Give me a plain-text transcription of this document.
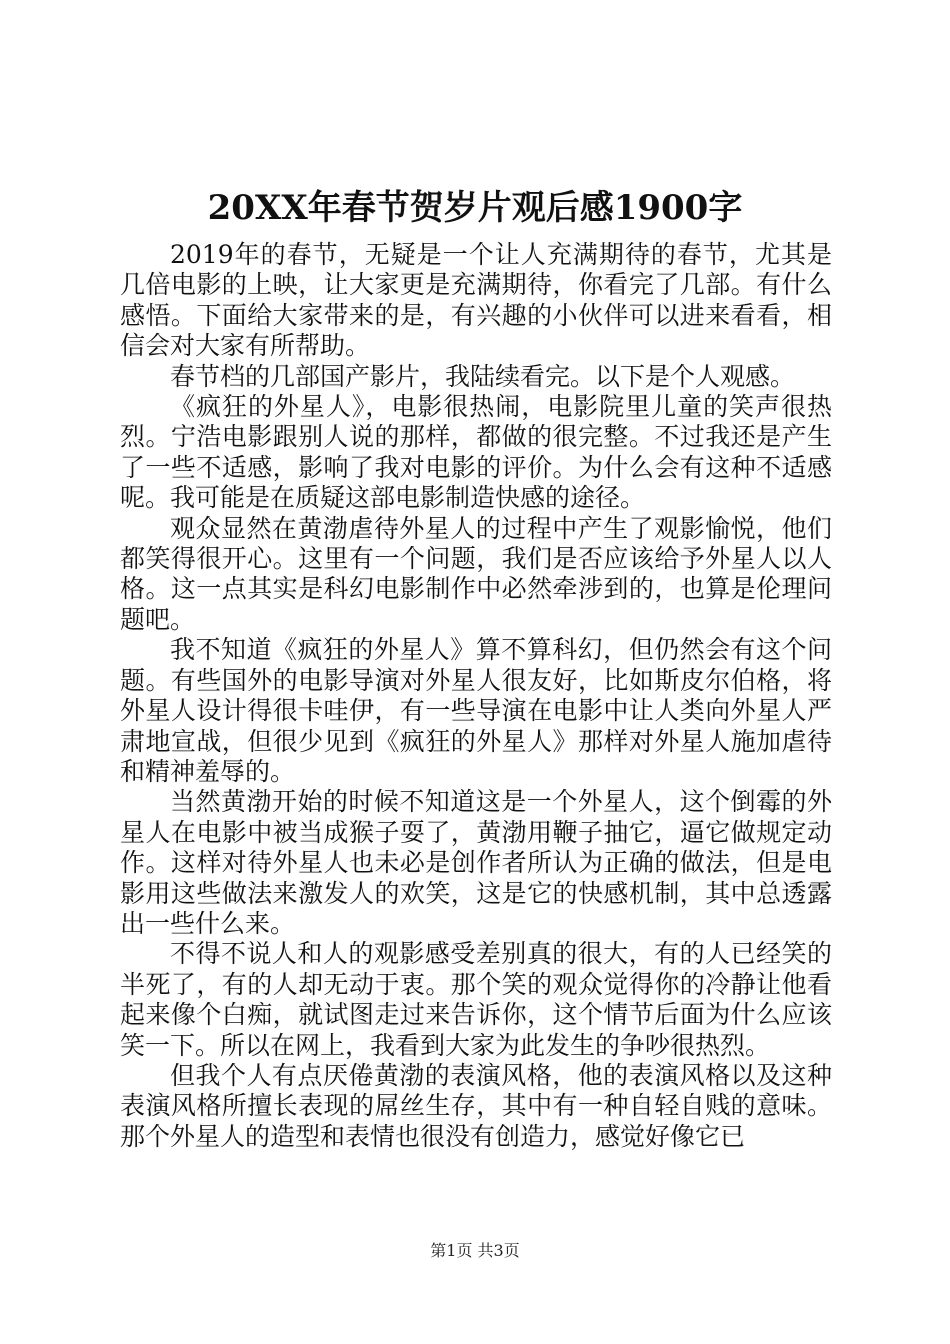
20XX年春节贺岁片观后感1900字

2019年的春节，无疑是一个让人充满期待的春节，尤其是几倍电影的上映，让大家更是充满期待，你看完了几部。有什么感悟。下面给大家带来的是，有兴趣的小伙伴可以进来看看，相信会对大家有所帮助。

春节档的几部国产影片，我陆续看完。以下是个人观感。

《疯狂的外星人》，电影很热闹，电影院里儿童的笑声很热烈。宁浩电影跟别人说的那样，都做的很完整。不过我还是产生了一些不适感，影响了我对电影的评价。为什么会有这种不适感呢。我可能是在质疑这部电影制造快感的途径。

观众显然在黄渤虐待外星人的过程中产生了观影愉悦，他们都笑得很开心。这里有一个问题，我们是否应该给予外星人以人格。这一点其实是科幻电影制作中必然牵涉到的，也算是伦理问题吧。

我不知道《疯狂的外星人》算不算科幻，但仍然会有这个问题。有些国外的电影导演对外星人很友好，比如斯皮尔伯格，将外星人设计得很卡哇伊，有一些导演在电影中让人类向外星人严肃地宣战，但很少见到《疯狂的外星人》那样对外星人施加虐待和精神羞辱的。

当然黄渤开始的时候不知道这是一个外星人，这个倒霉的外星人在电影中被当成猴子耍了，黄渤用鞭子抽它，逼它做规定动作。这样对待外星人也未必是创作者所认为正确的做法，但是电影用这些做法来激发人的欢笑，这是它的快感机制，其中总透露出一些什么来。

不得不说人和人的观影感受差别真的很大，有的人已经笑的半死了，有的人却无动于衷。那个笑的观众觉得你的冷静让他看起来像个白痴，就试图走过来告诉你，这个情节后面为什么应该笑一下。所以在网上，我看到大家为此发生的争吵很热烈。

但我个人有点厌倦黄渤的表演风格，他的表演风格以及这种表演风格所擅长表现的屌丝生存，其中有一种自轻自贱的意味。那个外星人的造型和表情也很没有创造力，感觉好像它已

第1页 共3页
